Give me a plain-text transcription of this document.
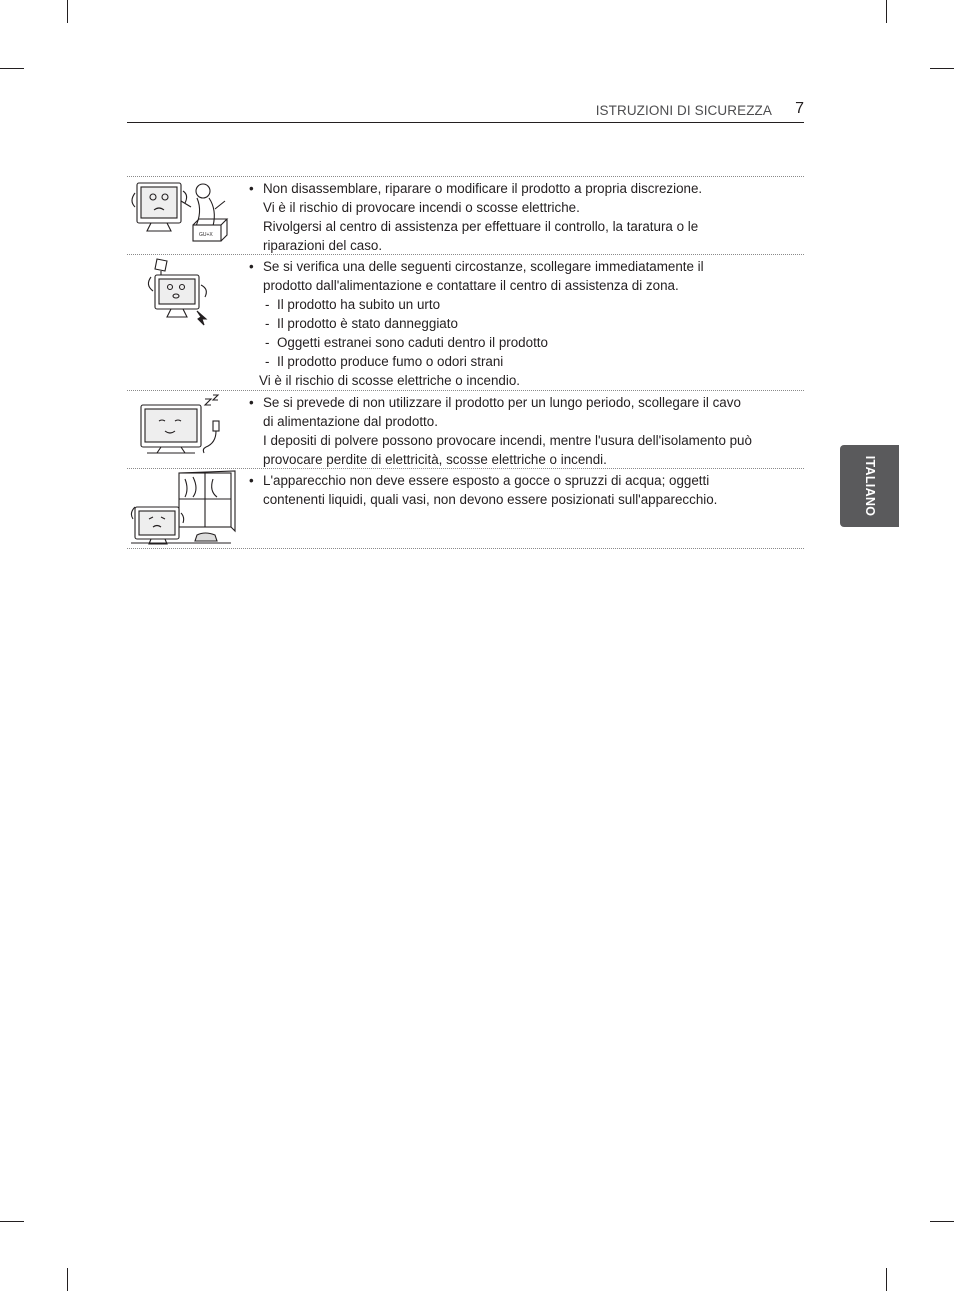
ISTRUZIONI DI SICUREZZA 7
ITALIANO
GU+X
• Non disassemblare, riparare o modificare il prodotto a propria discrezione.
Vi è il rischio di provocare incendi o scosse elettriche.
Rivolgersi al centro di assistenza per effettuare il controllo, la taratura o le
riparazioni del caso.
• Se si verifica una delle seguenti circostanze, scollegare immediatamente il
prodotto dall'alimentazione e contattare il centro di assistenza di zona.
- Il prodotto ha subito un urto
- Il prodotto è stato danneggiato
- Oggetti estranei sono caduti dentro il prodotto
- Il prodotto produce fumo o odori strani
Vi è il rischio di scosse elettriche o incendio.
• Se si prevede di non utilizzare il prodotto per un lungo periodo, scollegare il cavo
di alimentazione dal prodotto.
I depositi di polvere possono provocare incendi, mentre l'usura dell'isolamento può
provocare perdite di elettricità, scosse elettriche o incendi.
• L'apparecchio non deve essere esposto a gocce o spruzzi di acqua; oggetti
contenenti liquidi, quali vasi, non devono essere posizionati sull'apparecchio.
